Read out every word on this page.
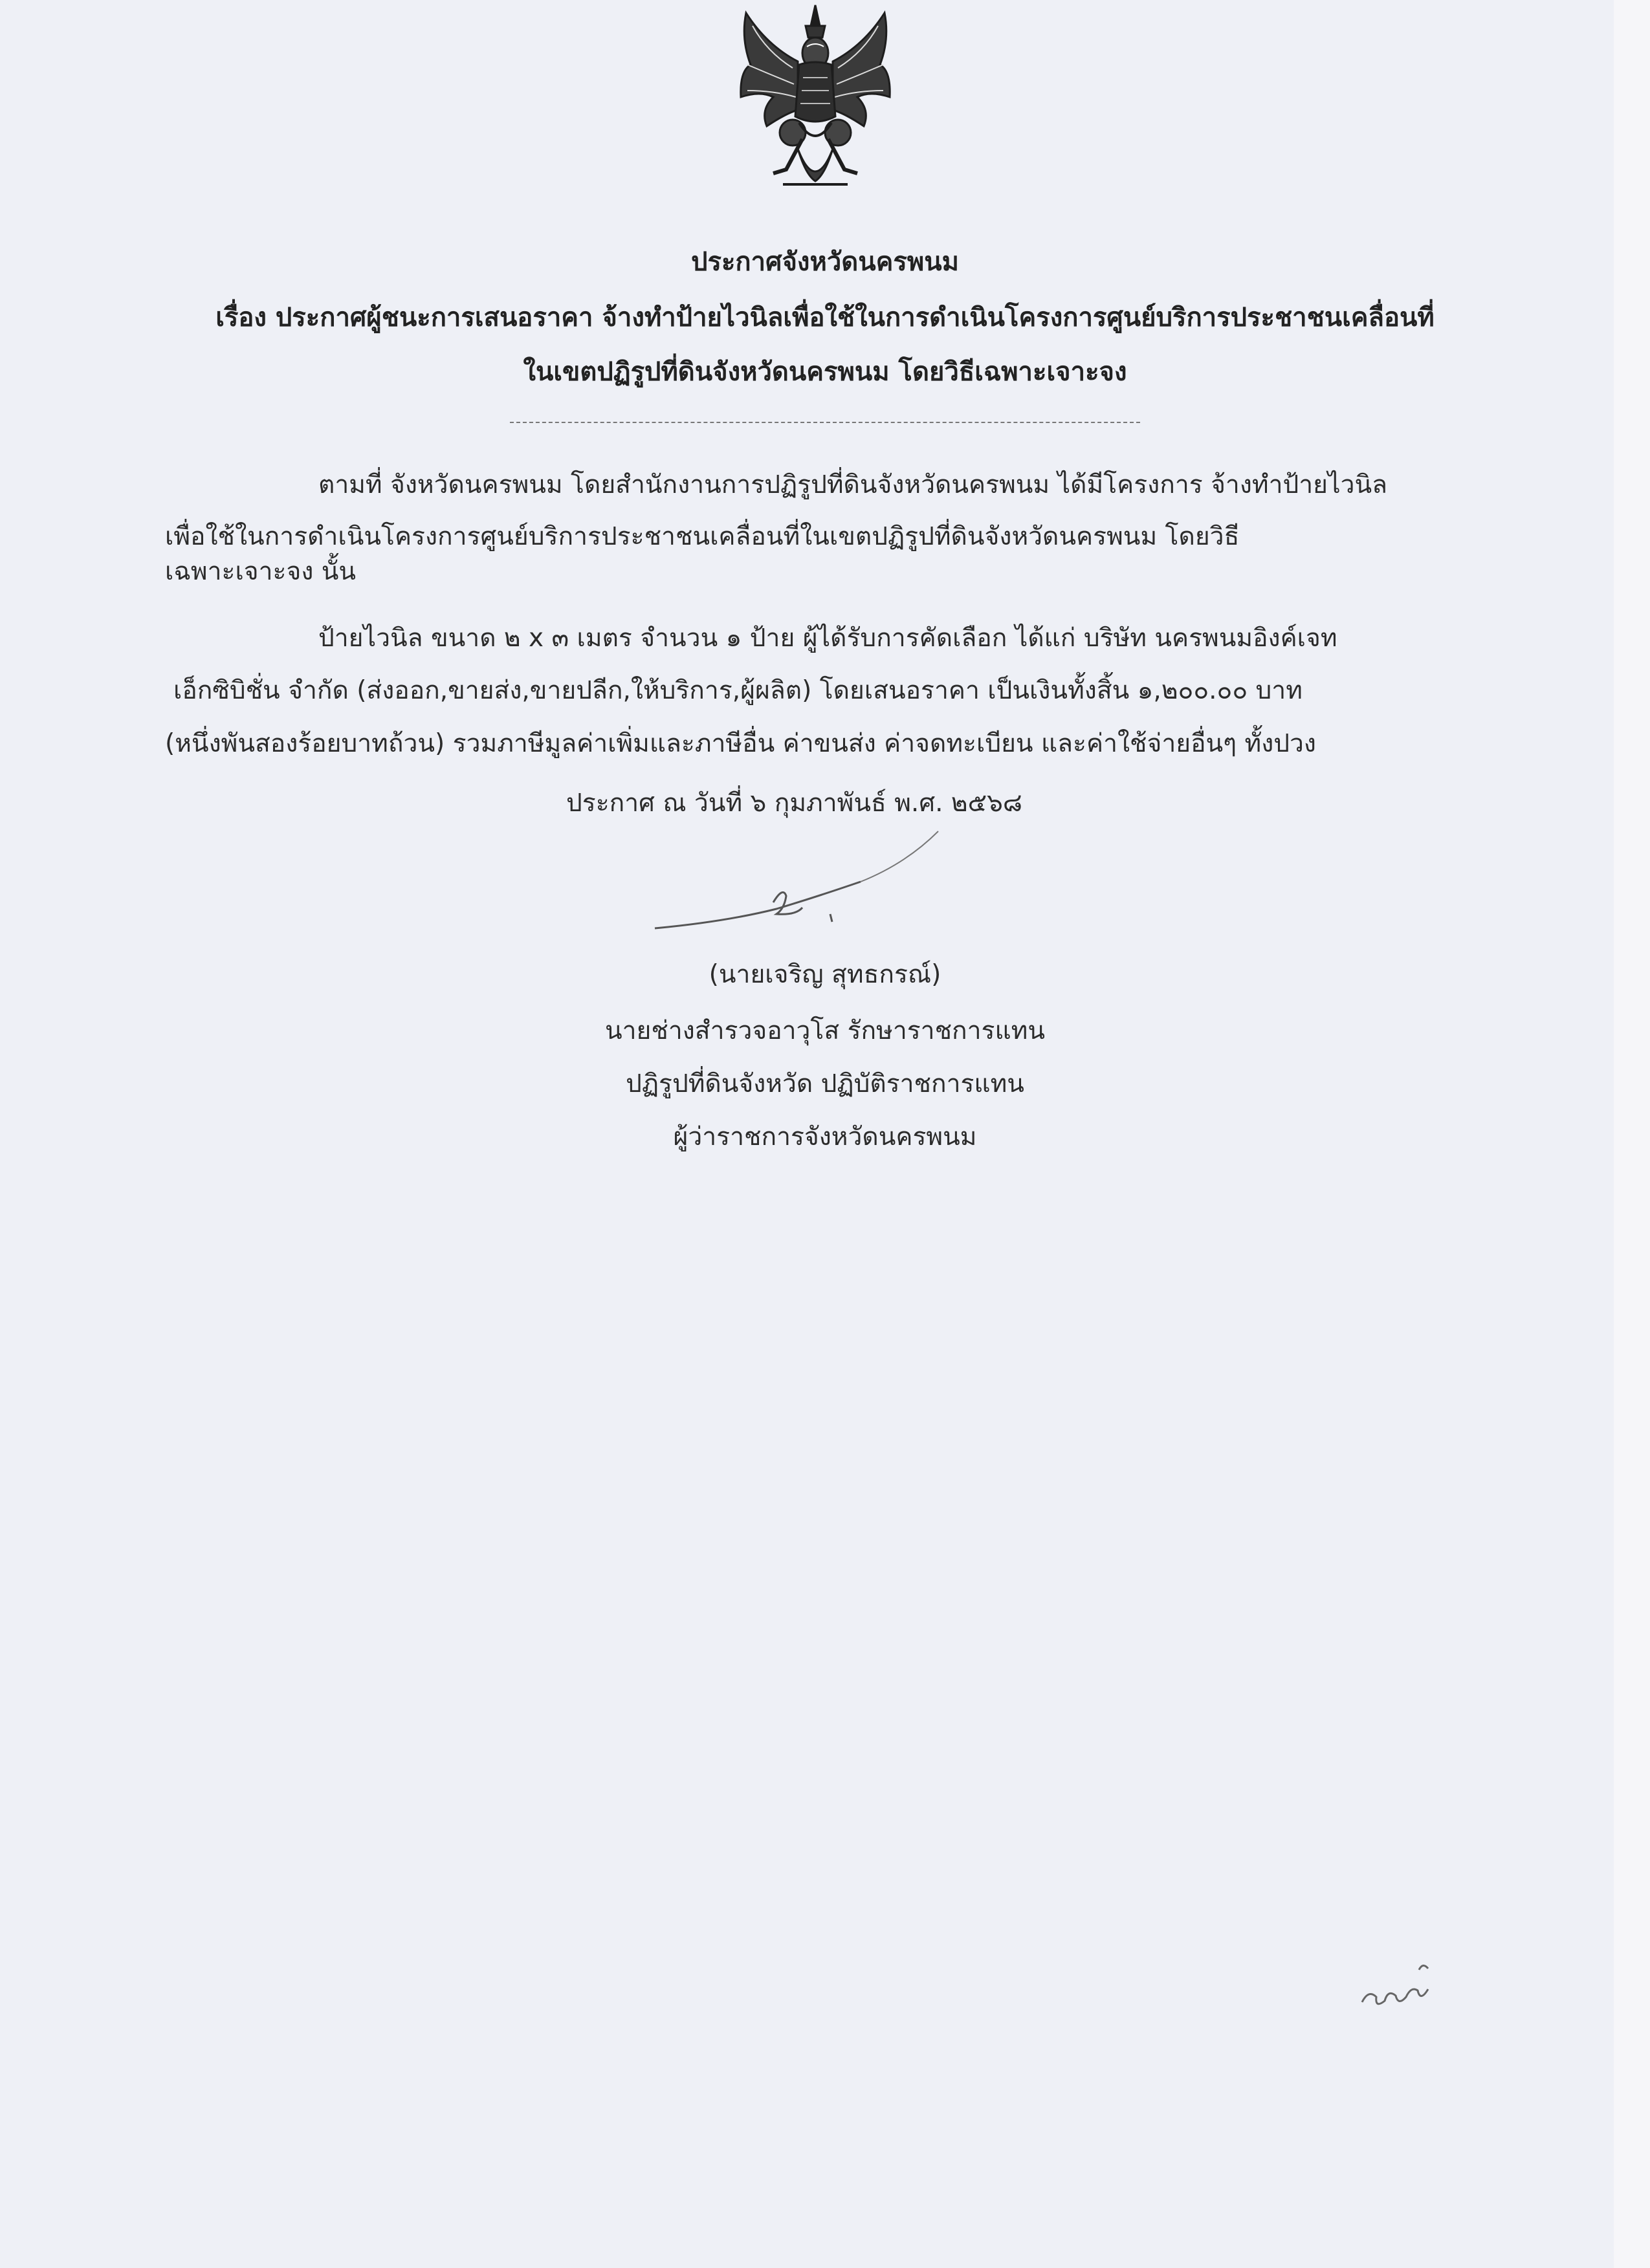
ประกาศจังหวัดนครพนม
เรื่อง ประกาศผู้ชนะการเสนอราคา จ้างทำป้ายไวนิลเพื่อใช้ในการดำเนินโครงการศูนย์บริการประชาชนเคลื่อนที่
ในเขตปฏิรูปที่ดินจังหวัดนครพนม โดยวิธีเฉพาะเจาะจง
ตามที่ จังหวัดนครพนม โดยสำนักงานการปฏิรูปที่ดินจังหวัดนครพนม ได้มีโครงการ จ้างทำป้ายไวนิล
เพื่อใช้ในการดำเนินโครงการศูนย์บริการประชาชนเคลื่อนที่ในเขตปฏิรูปที่ดินจังหวัดนครพนม โดยวิธี
เฉพาะเจาะจง นั้น
ป้ายไวนิล ขนาด ๒ x ๓ เมตร จำนวน ๑ ป้าย ผู้ได้รับการคัดเลือก ได้แก่ บริษัท นครพนมอิงค์เจท
เอ็กซิบิชั่น จำกัด (ส่งออก,ขายส่ง,ขายปลีก,ให้บริการ,ผู้ผลิต) โดยเสนอราคา เป็นเงินทั้งสิ้น ๑,๒๐๐.๐๐ บาท
(หนึ่งพันสองร้อยบาทถ้วน) รวมภาษีมูลค่าเพิ่มและภาษีอื่น ค่าขนส่ง ค่าจดทะเบียน และค่าใช้จ่ายอื่นๆ ทั้งปวง
ประกาศ ณ วันที่ ๖ กุมภาพันธ์ พ.ศ. ๒๕๖๘
(นายเจริญ สุทธกรณ์)
นายช่างสำรวจอาวุโส รักษาราชการแทน
ปฏิรูปที่ดินจังหวัด ปฏิบัติราชการแทน
ผู้ว่าราชการจังหวัดนครพนม
